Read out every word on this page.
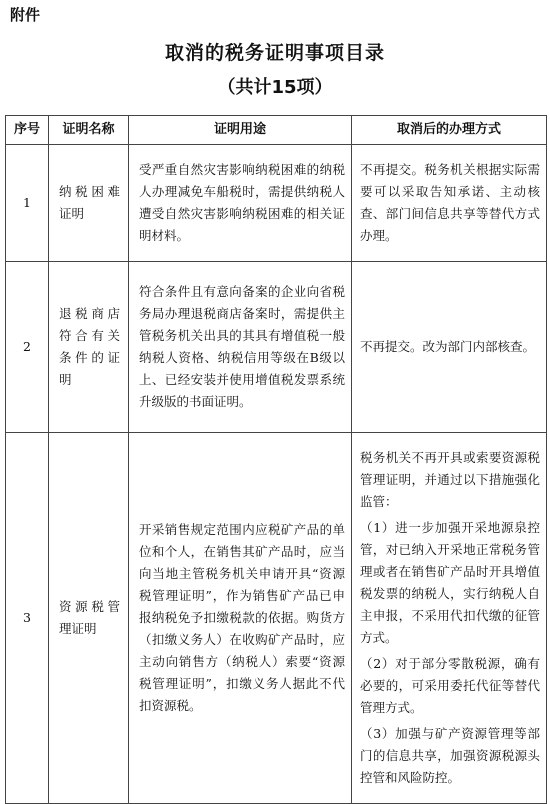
附件
取消的税务证明事项目录
（共计15项）
序号	证明名称	证明用途	取消后的办理方式
1	纳税困难证明	受严重自然灾害影响纳税困难的纳税人办理减免车船税时，需提供纳税人遭受自然灾害影响纳税困难的相关证明材料。	不再提交。税务机关根据实际需要可以采取告知承诺、主动核查、部门间信息共享等替代方式办理。

2	退税商店符合有关条件的证明	符合条件且有意向备案的企业向省税务局办理退税商店备案时，需提供主管税务机关出具的其具有增值税一般纳税人资格、纳税信用等级在B级以上、已经安装并使用增值税发票系统升级版的书面证明。	不再提交。改为部门内部核查。

3	资源税管理证明	开采销售规定范围内应税矿产品的单位和个人，在销售其矿产品时，应当向当地主管税务机关申请开具“资源税管理证明”，作为销售矿产品已申报纳税免予扣缴税款的依据。购货方（扣缴义务人）在收购矿产品时，应主动向销售方（纳税人）索要“资源税管理证明”，扣缴义务人据此不代扣资源税。	税务机关不再开具或索要资源税管理证明，并通过以下措施强化监管：
（1）进一步加强开采地源泉控管，对已纳入开采地正常税务管理或者在销售矿产品时开具增值税发票的纳税人，实行纳税人自主申报，不采用代扣代缴的征管方式。
（2）对于部分零散税源，确有必要的，可采用委托代征等替代管理方式。
（3）加强与矿产资源管理等部门的信息共享，加强资源税源头控管和风险防控。
